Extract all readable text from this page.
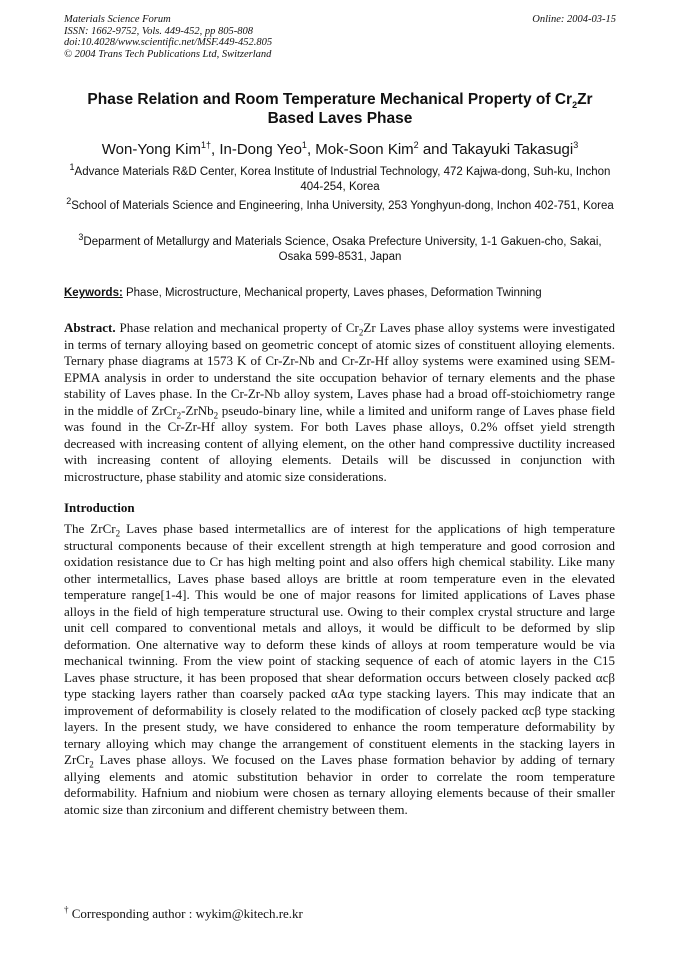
Materials Science Forum
ISSN: 1662-9752, Vols. 449-452, pp 805-808
doi:10.4028/www.scientific.net/MSF.449-452.805
© 2004 Trans Tech Publications Ltd, Switzerland
Online: 2004-03-15
Phase Relation and Room Temperature Mechanical Property of $Cr_2Zr$
Based Laves Phase
Won-Yong Kim$^{1\dagger}$, In-Dong Yeo$^1$, Mok-Soon Kim$^2$ and Takayuki Takasugi$^3$
$^1$Advance Materials R&D Center, Korea Institute of Industrial Technology, 472 Kajwa-dong, Suh-ku, Inchon 404-254, Korea
$^2$School of Materials Science and Engineering, Inha University, 253 Yonghyun-dong, Inchon 402-751, Korea
$^3$Deparment of Metallurgy and Materials Science, Osaka Prefecture University, 1-1 Gakuen-cho, Sakai, Osaka 599-8531, Japan
Keywords: Phase, Microstructure, Mechanical property, Laves phases, Deformation Twinning
Abstract. Phase relation and mechanical property of $Cr_2Zr$ Laves phase alloy systems were investigated in terms of ternary alloying based on geometric concept of atomic sizes of constituent alloying elements. Ternary phase diagrams at 1573 K of Cr-Zr-Nb and Cr-Zr-Hf alloy systems were examined using SEM-EPMA analysis in order to understand the site occupation behavior of ternary elements and the phase stability of Laves phase. In the Cr-Zr-Nb alloy system, Laves phase had a broad off-stoichiometry range in the middle of ZrCr$_2$-ZrNb$_2$ pseudo-binary line, while a limited and uniform range of Laves phase field was found in the Cr-Zr-Hf alloy system. For both Laves phase alloys, 0.2% offset yield strength decreased with increasing content of allying element, on the other hand compressive ductility increased with increasing content of alloying elements. Details will be discussed in conjunction with microstructure, phase stability and atomic size considerations.
Introduction
The ZrCr$_2$ Laves phase based intermetallics are of interest for the applications of high temperature structural components because of their excellent strength at high temperature and good corrosion and oxidation resistance due to Cr has high melting point and also offers high chemical stability. Like many other intermetallics, Laves phase based alloys are brittle at room temperature even in the elevated temperature range[1-4]. This would be one of major reasons for limited applications of Laves phase alloys in the field of high temperature structural use. Owing to their complex crystal structure and large unit cell compared to conventional metals and alloys, it would be difficult to be deformed by slip deformation. One alternative way to deform these kinds of alloys at room temperature would be via mechanical twinning. From the view point of stacking sequence of each of atomic layers in the C15 Laves phase structure, it has been proposed that shear deformation occurs between closely packed αcβ type stacking layers rather than coarsely packed αAα type stacking layers. This may indicate that an improvement of deformability is closely related to the modification of closely packed αcβ type stacking layers. In the present study, we have considered to enhance the room temperature deformability by ternary alloying which may change the arrangement of constituent elements in the stacking layers in ZrCr$_2$ Laves phase alloys. We focused on the Laves phase formation behavior by adding of ternary allying elements and atomic substitution behavior in order to correlate the room temperature deformability. Hafnium and niobium were chosen as ternary alloying elements because of their smaller atomic size than zirconium and different chemistry between them.
† Corresponding author : wykim@kitech.re.kr
